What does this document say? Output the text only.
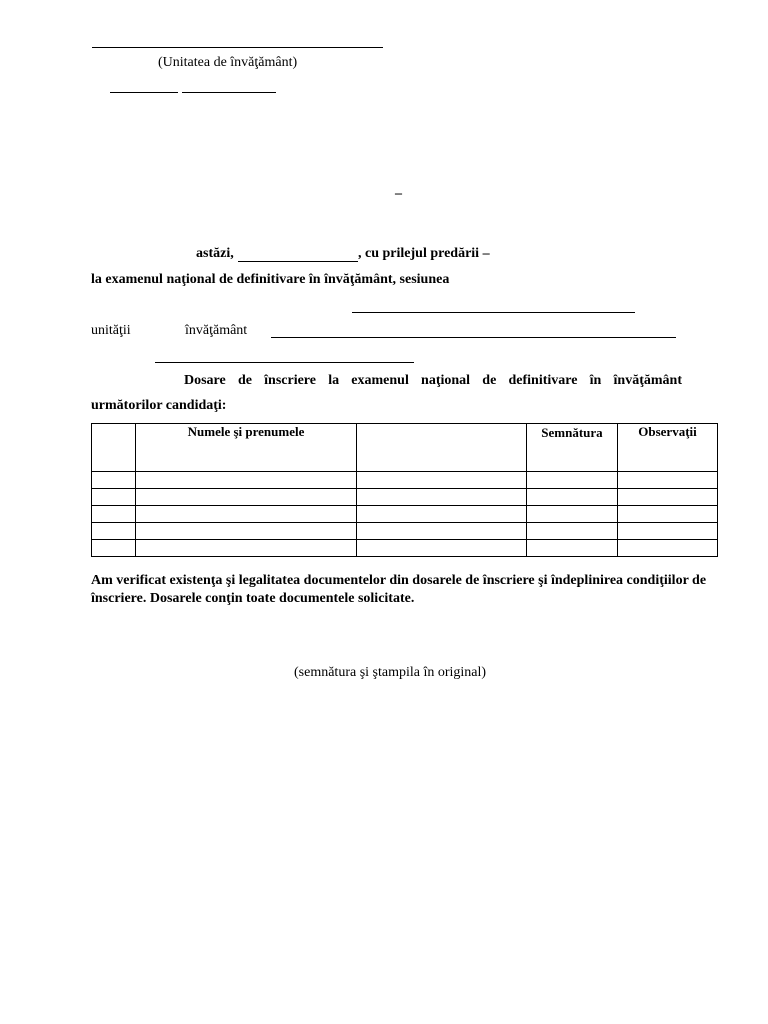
(Unitatea de învăţământ)
–
astăzi,	, cu prilejul predării –
la examenul naţional de definitivare în învăţământ, sesiunea
unităţii	învăţământ
Dosare de înscriere la examenul naţional de definitivare în învăţământ
următorilor candidaţi:
	Numele şi prenumele		Semnătura	Observaţii

Am verificat existenţa şi legalitatea documentelor din dosarele de înscriere şi îndeplinirea condiţiilor de înscriere. Dosarele conţin toate documentele solicitate.
(semnătura şi ştampila în original)
